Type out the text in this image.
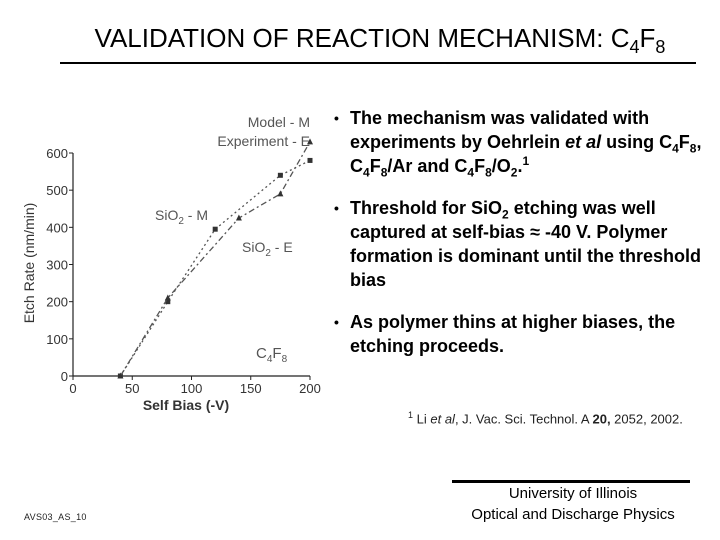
VALIDATION OF REACTION MECHANISM: $C_4F_8$
0	50	100	150	200
0
100
200
300
400
500
600
Model - M
Experiment - E
SiO$_2$ - M
SiO$_2$ - E
$C_4F_8$
Self Bias (-V)
Etch Rate (nm/min)
• The mechanism was validated with experiments by Oehrlein et al using $C_4F_8$, $C_4F_8/Ar$ and $C_4F_8/O_2.^1$
• Threshold for SiO$_2$ etching was well captured at self-bias ≈ -40 V. Polymer formation is dominant until the threshold bias
• As polymer thins at higher biases, the etching proceeds.
$^1$ Li et al, J. Vac. Sci. Technol. A 20, 2052, 2002.
AVS03_AS_10
University of Illinois
Optical and Discharge Physics
